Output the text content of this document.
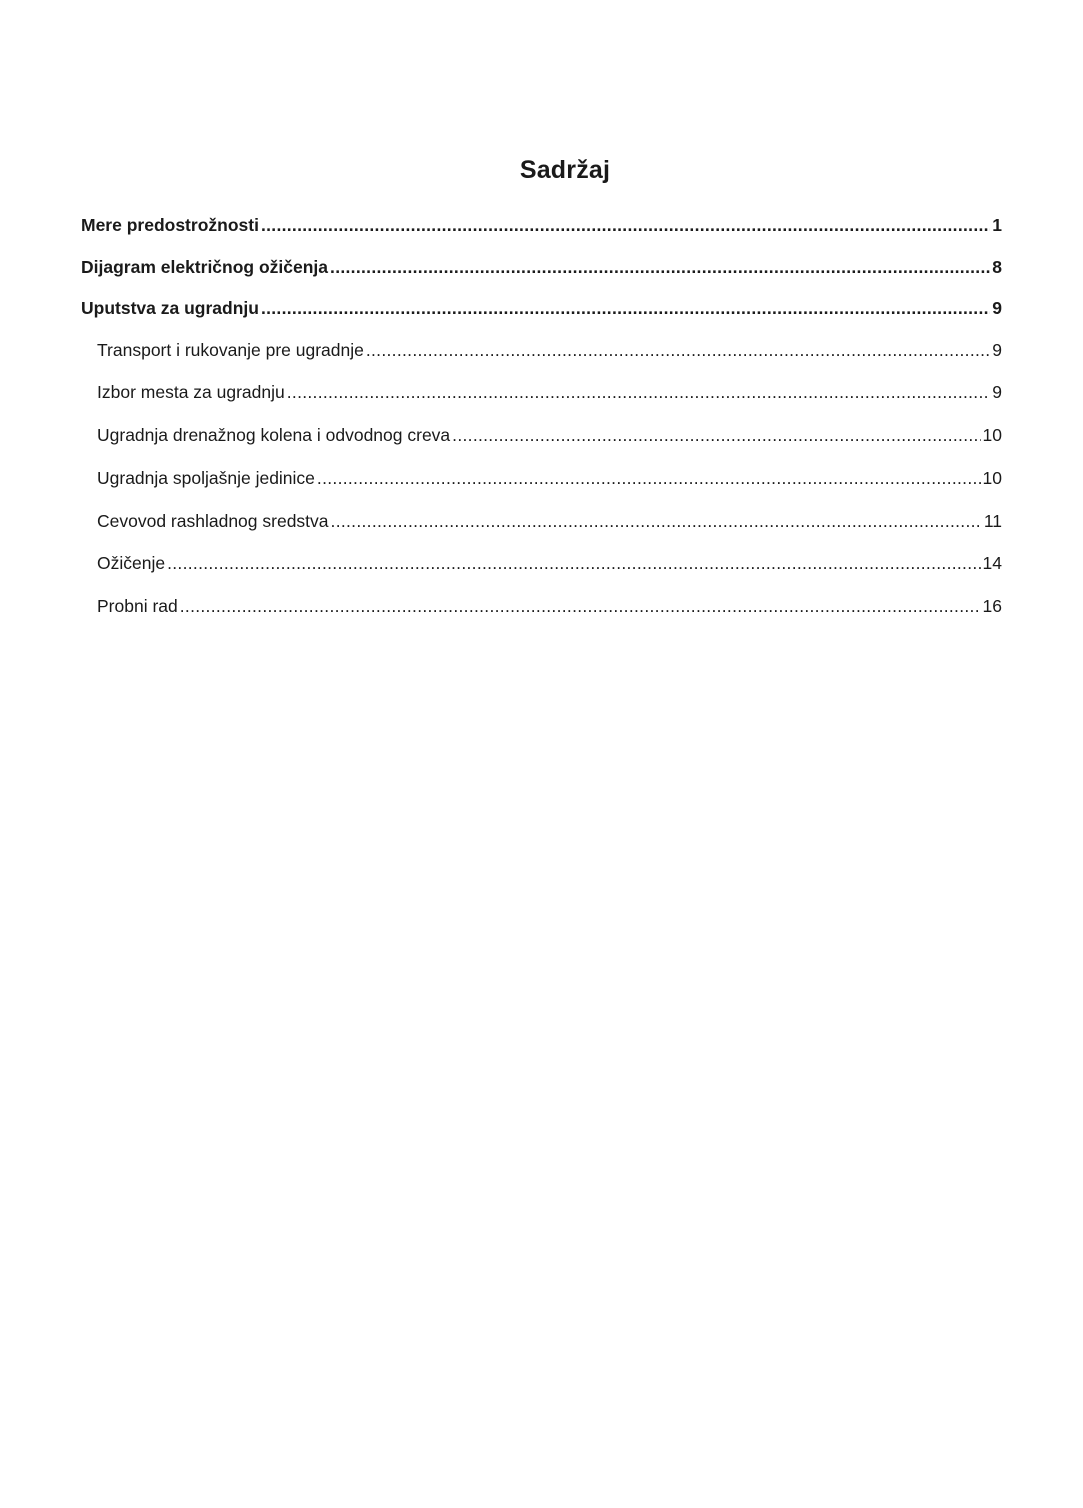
Sadržaj
Mere predostrožnosti .....	1
Dijagram električnog ožičenja .....	8
Uputstva za ugradnju .....	9
Transport i rukovanje pre ugradnje .....	9
Izbor mesta za ugradnju .....	9
Ugradnja drenažnog kolena i odvodnog creva .....	10
Ugradnja spoljašnje jedinice .....	10
Cevovod rashladnog sredstva .....	11
Ožičenje .....	14
Probni rad .....	16
